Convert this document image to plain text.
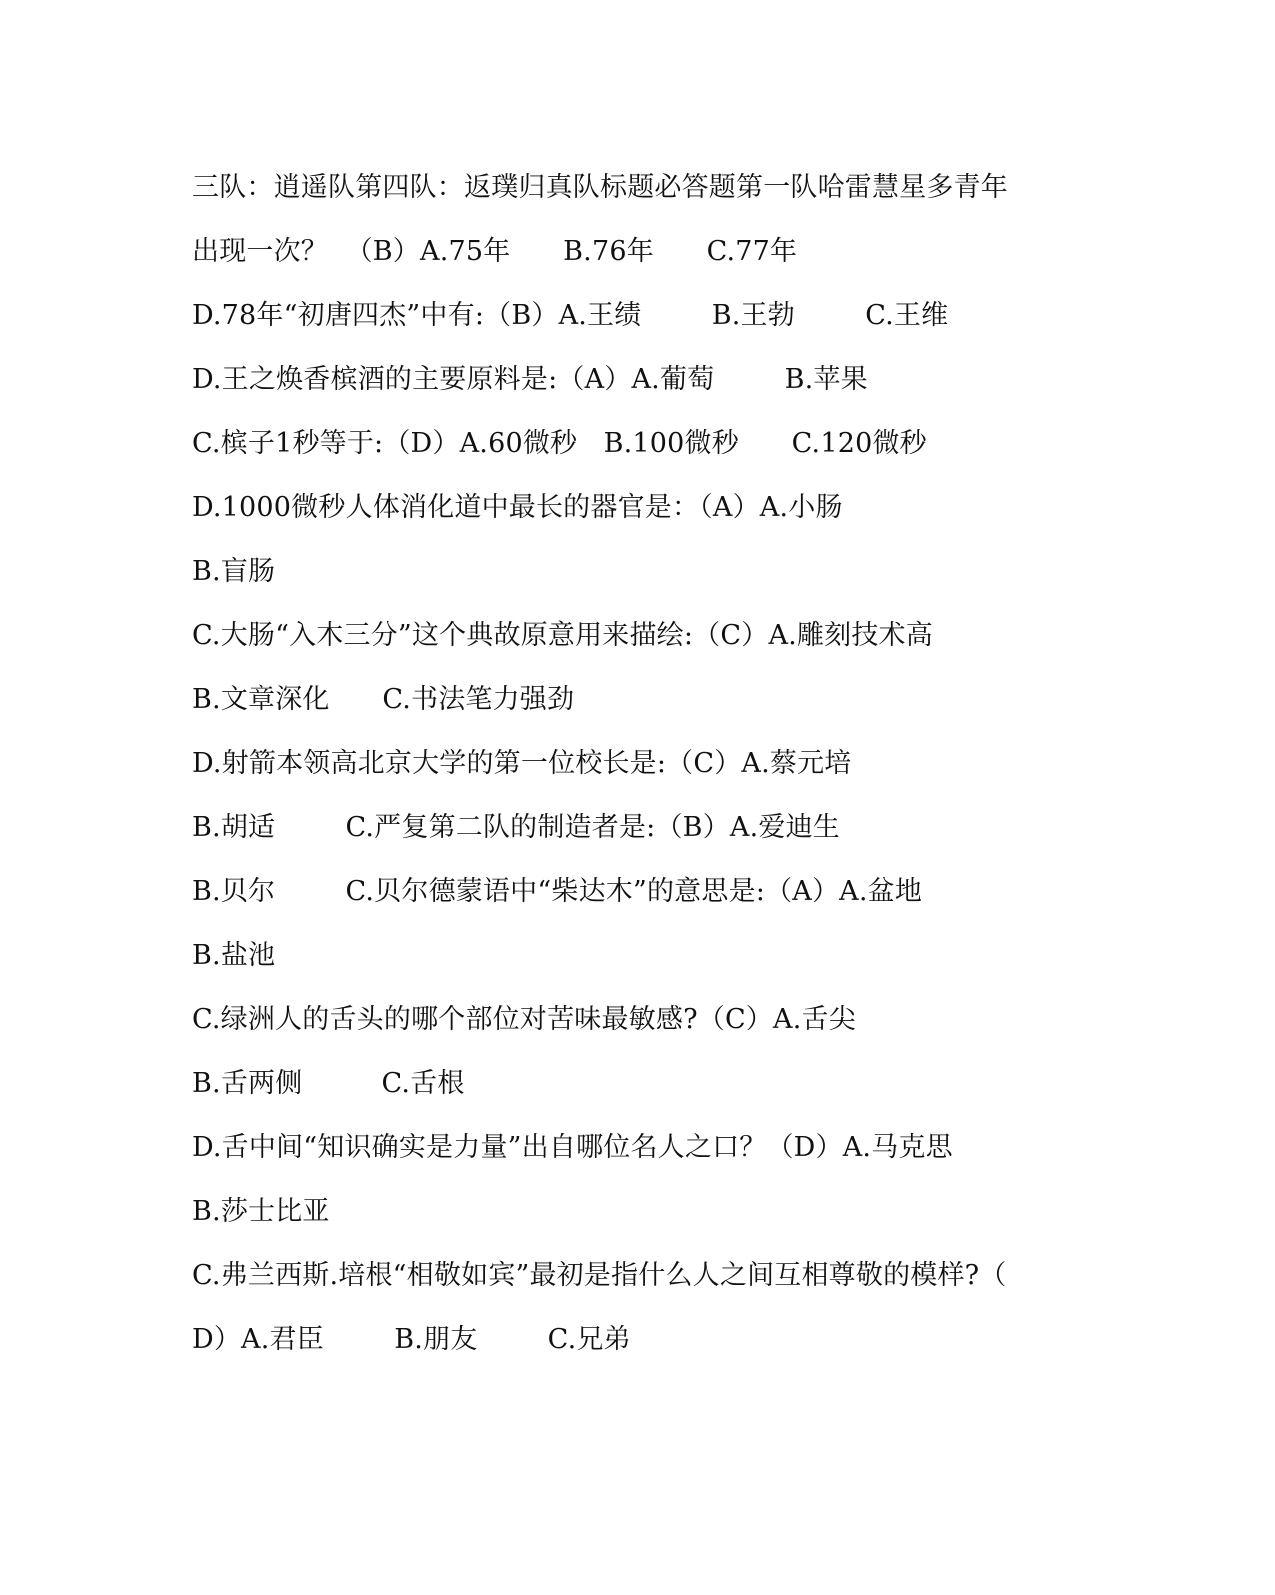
三队：逍遥队第四队：返璞归真队标题必答题第一队哈雷慧星多青年
出现一次？  （B）A.75年      B.76年      C.77年
D.78年“初唐四杰”中有:（B）A.王绩        B.王勃        C.王维
D.王之焕香槟酒的主要原料是:（A）A.葡萄        B.苹果
C.槟子1秒等于:（D）A.60微秒   B.100微秒      C.120微秒
D.1000微秒人体消化道中最长的器官是：（A）A.小肠
B.盲肠
C.大肠“入木三分”这个典故原意用来描绘:（C）A.雕刻技术高
B.文章深化      C.书法笔力强劲
D.射箭本领高北京大学的第一位校长是:（C）A.蔡元培
B.胡适        C.严复第二队的制造者是:（B）A.爱迪生
B.贝尔        C.贝尔德蒙语中“柴达木”的意思是:（A）A.盆地
B.盐池
C.绿洲人的舌头的哪个部位对苦味最敏感?（C）A.舌尖
B.舌两侧         C.舌根
D.舌中间“知识确实是力量”出自哪位名人之口？（D）A.马克思
B.莎士比亚
C.弗兰西斯.培根“相敬如宾”最初是指什么人之间互相尊敬的模样?（
D）A.君臣        B.朋友        C.兄弟
